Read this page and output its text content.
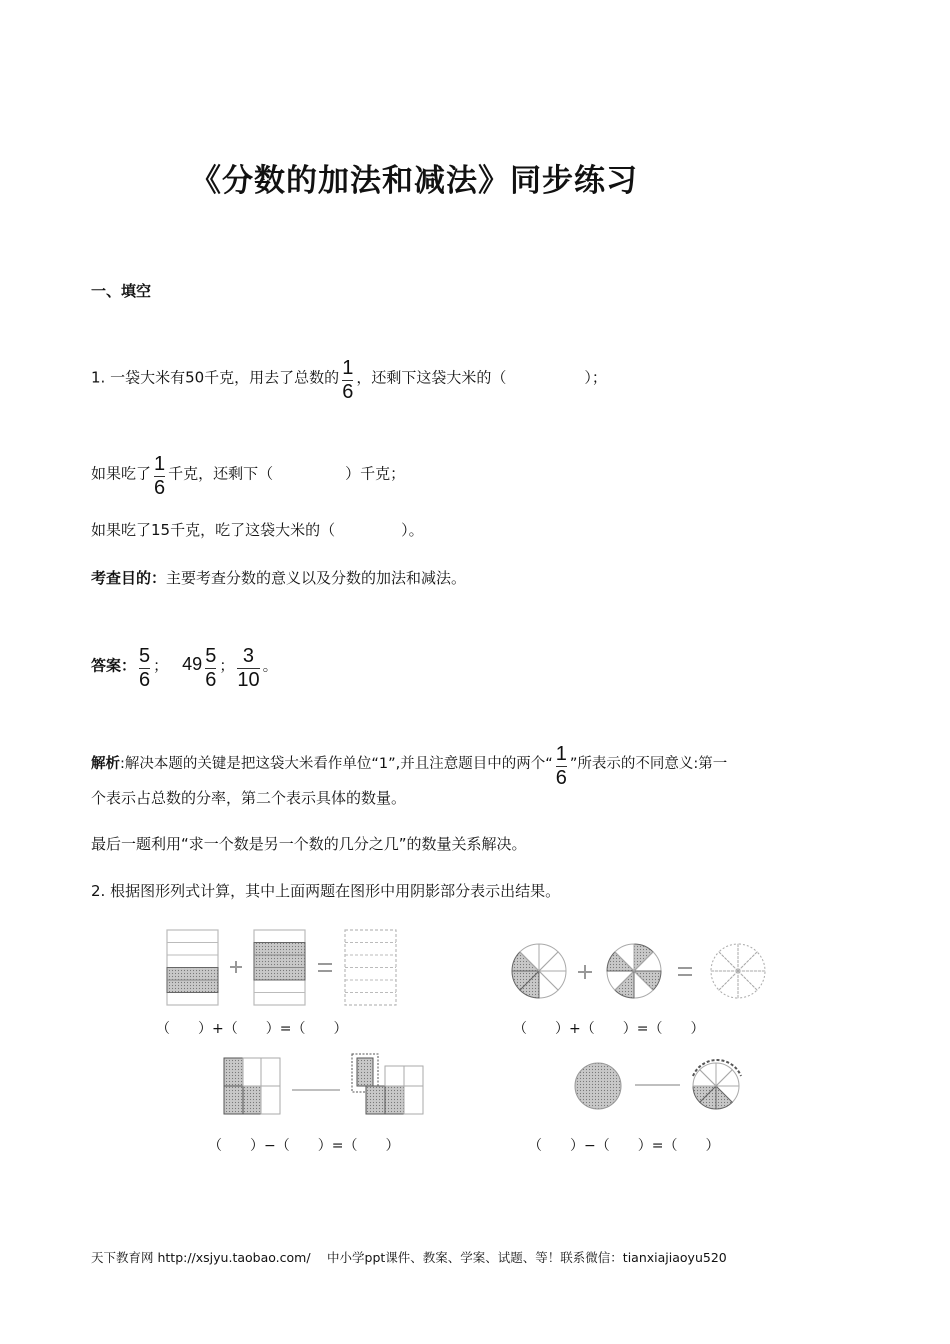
《分数的加法和减法》同步练习
一、填空
1. 一袋大米有50千克，用去了总数的 $\frac{1}{6}$ ，还剩下这袋大米的（	）；
如果吃了 $\frac{1}{6}$ 千克，还剩下（	）千克；
如果吃了15千克，吃了这袋大米的（	）。
考查目的：主要考查分数的意义以及分数的加法和减法。
答案： $\frac{5}{6}$ ； $49 \frac{5}{6}$ ； $\frac{3}{10}$ 。
解析:解决本题的关键是把这袋大米看作单位“1”,并且注意题目中的两个“ $\frac{1}{6}$ ”所表示的不同意义:第一
个表示占总数的分率，第二个表示具体的数量。
最后一题利用“求一个数是另一个数的几分之几”的数量关系解决。
2. 根据图形列式计算，其中上面两题在图形中用阴影部分表示出结果。
（　　）+（　　）=（　　）	（　　）+（　　）=（　　）
（　　）−（　　）=（　　）	（　　）−（　　）=（　　）
天下教育网 http://xsjyu.taobao.com/　 中小学ppt课件、教案、学案、试题、等！联系微信：tianxiajiaoyu520
